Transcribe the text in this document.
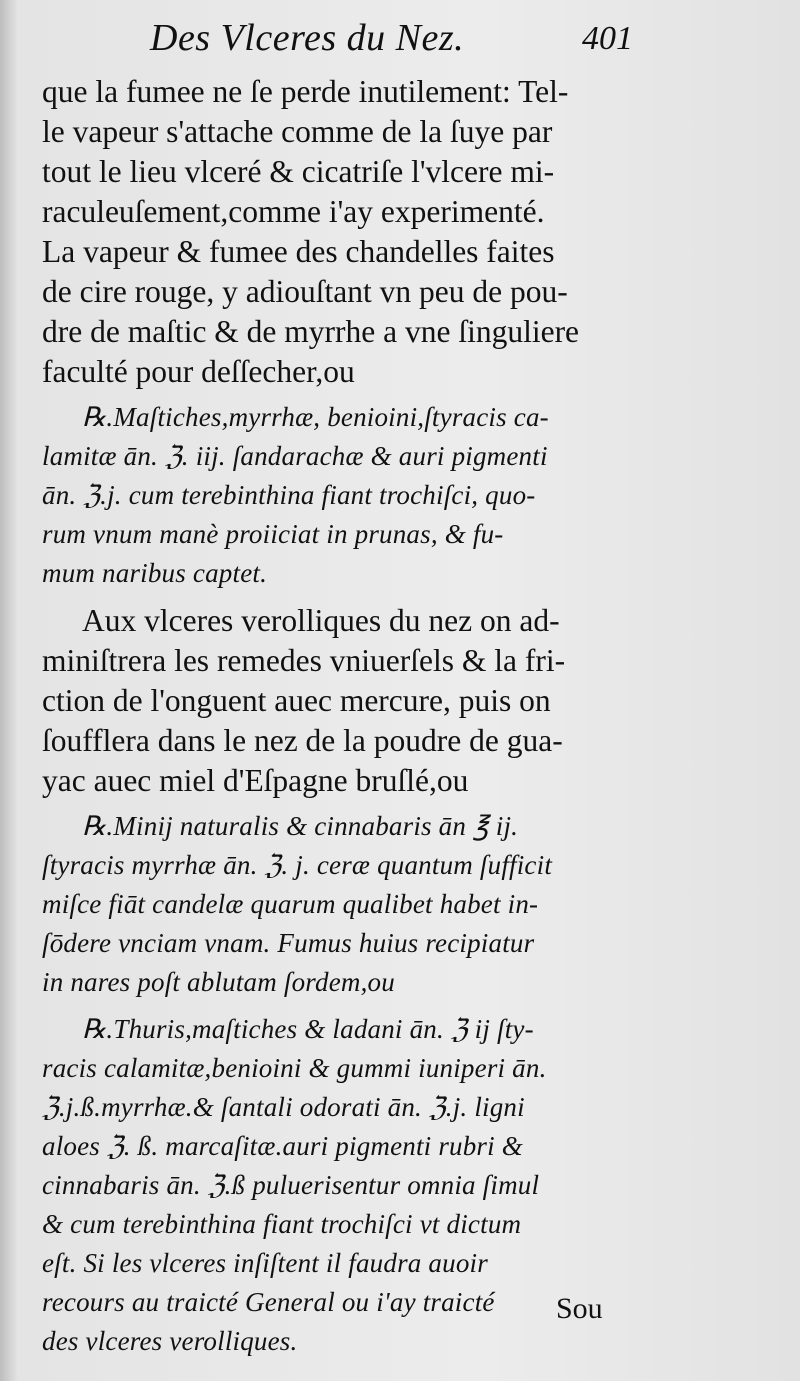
Des Vlceres du Nez.	401

que la fumee ne ſe perde inutilement: Tel-
le vapeur s'attache comme de la ſuye par
tout le lieu vlceré & cicatriſe l'vlcere mi-
raculeuſement,comme i'ay experimenté.
La vapeur & fumee des chandelles faites
de cire rouge, y adiouſtant vn peu de pou-
dre de maſtic & de myrrhe a vne ſinguliere
faculté pour deſſecher,ou

℞.Maſtiches,myrrhæ, benioini,ſtyracis ca-
lamitæ ān. ℨ. iij. ſandarachæ & auri pigmenti
ān. ℨ.j. cum terebinthina fiant trochiſci, quo-
rum vnum manè proiiciat in prunas, & fu-
mum naribus captet.

Aux vlceres verolliques du nez on ad-
miniſtrera les remedes vniuerſels & la fri-
ction de l'onguent auec mercure, puis on
ſoufflera dans le nez de la poudre de gua-
yac auec miel d'Eſpagne bruſlé,ou

℞.Minij naturalis & cinnabaris ān ℥ ij.
ſtyracis myrrhæ ān. ℨ. j. ceræ quantum ſufficit
miſce fiāt candelæ quarum qualibet habet in-
ſōdere vnciam vnam. Fumus huius recipiatur
in nares poſt ablutam ſordem,ou

℞.Thuris,maſtiches & ladani ān. ℨ ij ſty-
racis calamitæ,benioini & gummi iuniperi ān.
ℨ.j.ß.myrrhæ.& ſantali odorati ān. ℨ.j. ligni
aloes ℨ. ß. marcaſitæ.auri pigmenti rubri &
cinnabaris ān. ℨ.ß puluerisentur omnia ſimul
& cum terebinthina fiant trochiſci vt dictum
eſt. Si les vlceres inſiſtent il faudra auoir
recours au traicté General ou i'ay traicté
des vlceres verolliques.

Sou
